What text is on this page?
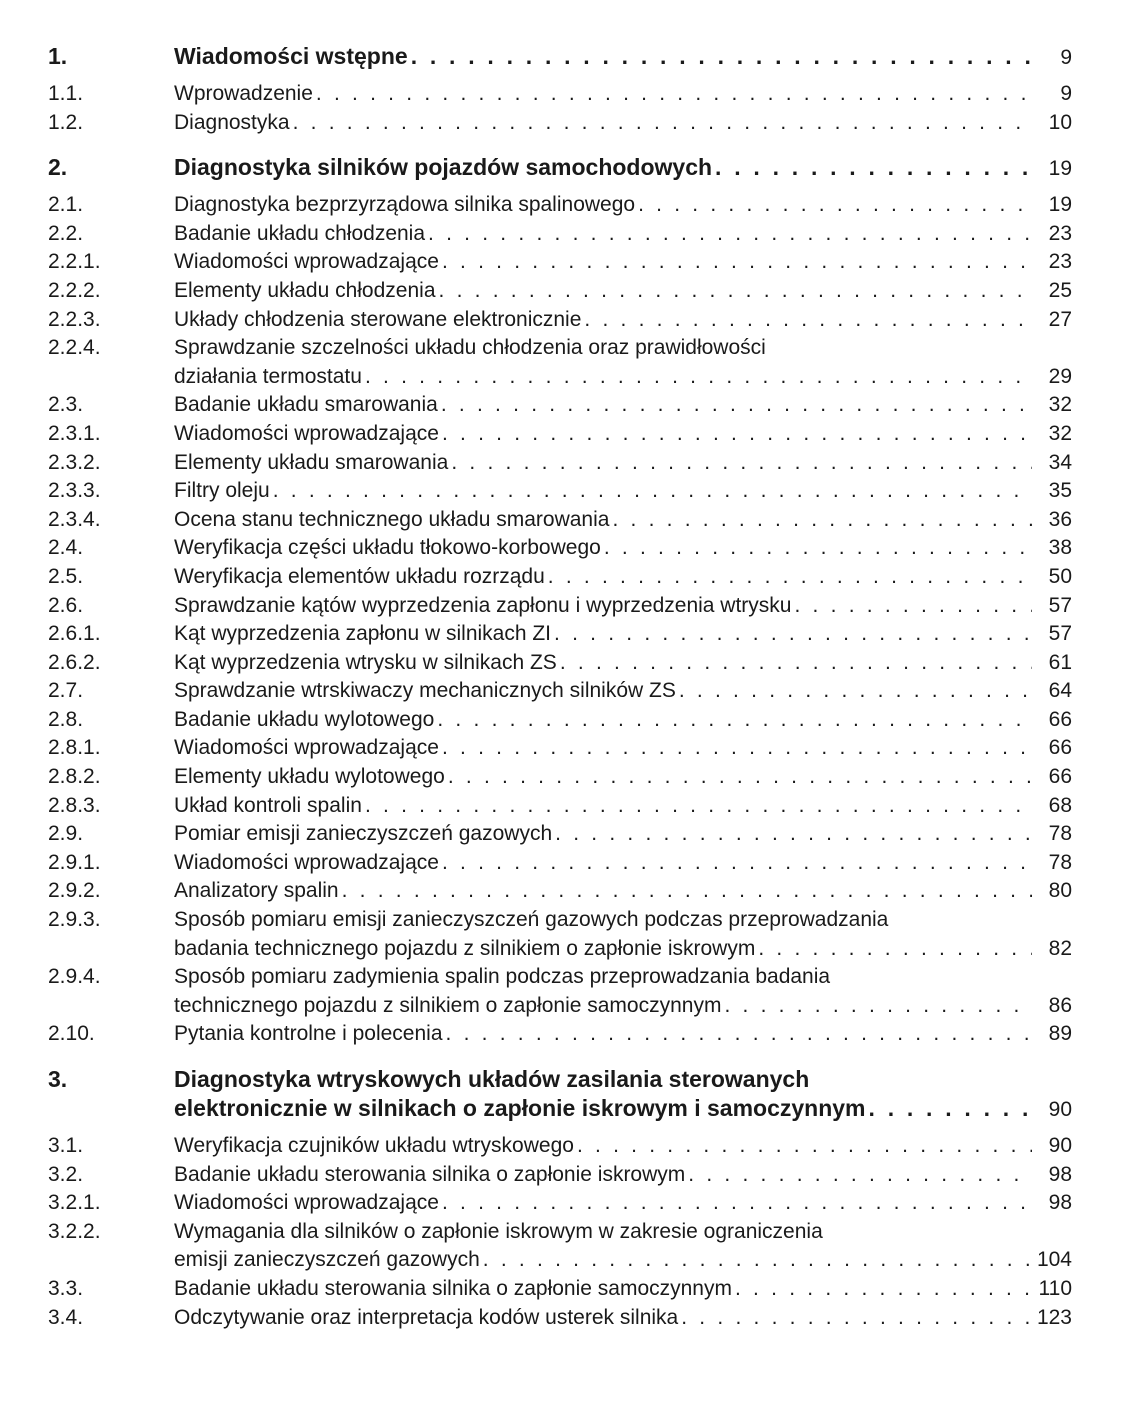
1.	Wiadomości wstępne . . .	9
1.1.	Wprowadzenie . . .	9
1.2.	Diagnostyka . . .	10
2.	Diagnostyka silników pojazdów samochodowych . . .	19
2.1.	Diagnostyka bezprzyrządowa silnika spalinowego . . .	19
2.2.	Badanie układu chłodzenia . . .	23
2.2.1.	Wiadomości wprowadzające . . .	23
2.2.2.	Elementy układu chłodzenia . . .	25
2.2.3.	Układy chłodzenia sterowane elektronicznie . . .	27
2.2.4.	Sprawdzanie szczelności układu chłodzenia oraz prawidłowości
działania termostatu . . .	29
2.3.	Badanie układu smarowania . . .	32
2.3.1.	Wiadomości wprowadzające . . .	32
2.3.2.	Elementy układu smarowania . . .	34
2.3.3.	Filtry oleju . . .	35
2.3.4.	Ocena stanu technicznego układu smarowania . . .	36
2.4.	Weryfikacja części układu tłokowo-korbowego . . .	38
2.5.	Weryfikacja elementów układu rozrządu . . .	50
2.6.	Sprawdzanie kątów wyprzedzenia zapłonu i wyprzedzenia wtrysku . . .	57
2.6.1.	Kąt wyprzedzenia zapłonu w silnikach ZI . . .	57
2.6.2.	Kąt wyprzedzenia wtrysku w silnikach ZS . . .	61
2.7.	Sprawdzanie wtrskiwaczy mechanicznych silników ZS . . .	64
2.8.	Badanie układu wylotowego . . .	66
2.8.1.	Wiadomości wprowadzające . . .	66
2.8.2.	Elementy układu wylotowego . . .	66
2.8.3.	Układ kontroli spalin . . .	68
2.9.	Pomiar emisji zanieczyszczeń gazowych . . .	78
2.9.1.	Wiadomości wprowadzające . . .	78
2.9.2.	Analizatory spalin . . .	80
2.9.3.	Sposób pomiaru emisji zanieczyszczeń gazowych podczas przeprowadzania
badania technicznego pojazdu z silnikiem o zapłonie iskrowym . . .	82
2.9.4.	Sposób pomiaru zadymienia spalin podczas przeprowadzania badania
technicznego pojazdu z silnikiem o zapłonie samoczynnym . . .	86
2.10.	Pytania kontrolne i polecenia . . .	89
3.	Diagnostyka wtryskowych układów zasilania sterowanych
elektronicznie w silnikach o zapłonie iskrowym i samoczynnym . . .	90
3.1.	Weryfikacja czujników układu wtryskowego . . .	90
3.2.	Badanie układu sterowania silnika o zapłonie iskrowym . . .	98
3.2.1.	Wiadomości wprowadzające . . .	98
3.2.2.	Wymagania dla silników o zapłonie iskrowym w zakresie ograniczenia
emisji zanieczyszczeń gazowych . . .	104
3.3.	Badanie układu sterowania silnika o zapłonie samoczynnym . . .	110
3.4.	Odczytywanie oraz interpretacja kodów usterek silnika . . .	123
